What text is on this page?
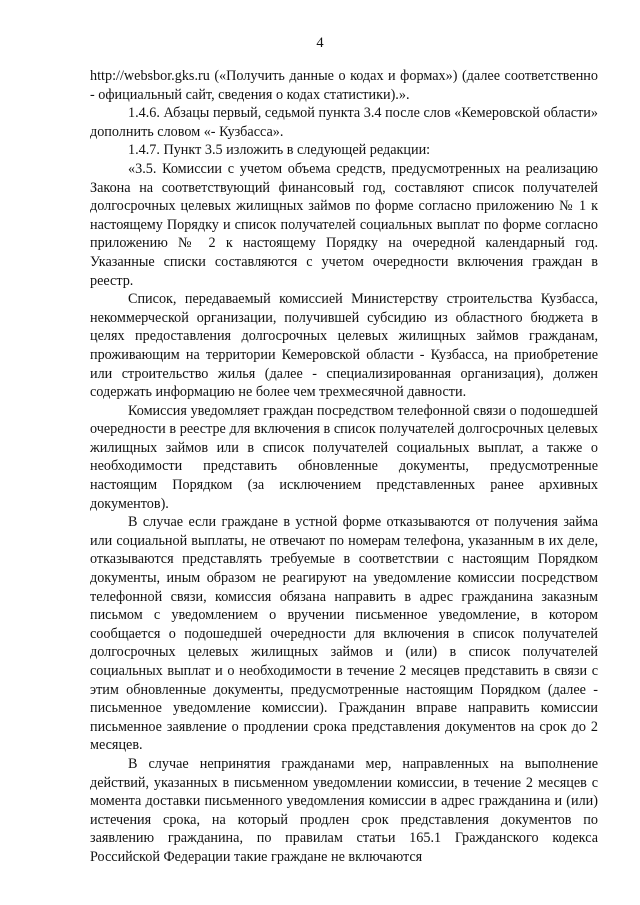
4

http://websbor.gks.ru («Получить данные о кодах и формах») (далее соответственно - официальный сайт, сведения о кодах статистики).».

1.4.6. Абзацы первый, седьмой пункта 3.4 после слов «Кемеровской области» дополнить словом «- Кузбасса».

1.4.7. Пункт 3.5 изложить в следующей редакции:

«3.5. Комиссии с учетом объема средств, предусмотренных на реализацию Закона на соответствующий финансовый год, составляют список получателей долгосрочных целевых жилищных займов по форме согласно приложению № 1 к настоящему Порядку и список получателей социальных выплат по форме согласно приложению № 2 к настоящему Порядку на очередной календарный год. Указанные списки составляются с учетом очередности включения граждан в реестр.

Список, передаваемый комиссией Министерству строительства Кузбасса, некоммерческой организации, получившей субсидию из областного бюджета в целях предоставления долгосрочных целевых жилищных займов гражданам, проживающим на территории Кемеровской области - Кузбасса, на приобретение или строительство жилья (далее - специализированная организация), должен содержать информацию не более чем трехмесячной давности.

Комиссия уведомляет граждан посредством телефонной связи о подошедшей очередности в реестре для включения в список получателей долгосрочных целевых жилищных займов или в список получателей социальных выплат, а также о необходимости представить обновленные документы, предусмотренные настоящим Порядком (за исключением представленных ранее архивных документов).

В случае если граждане в устной форме отказываются от получения займа или социальной выплаты, не отвечают по номерам телефона, указанным в их деле, отказываются представлять требуемые в соответствии с настоящим Порядком документы, иным образом не реагируют на уведомление комиссии посредством телефонной связи, комиссия обязана направить в адрес гражданина заказным письмом с уведомлением о вручении письменное уведомление, в котором сообщается о подошедшей очередности для включения в список получателей долгосрочных целевых жилищных займов и (или) в список получателей социальных выплат и о необходимости в течение 2 месяцев представить в связи с этим обновленные документы, предусмотренные настоящим Порядком (далее - письменное уведомление комиссии). Гражданин вправе направить комиссии письменное заявление о продлении срока представления документов на срок до 2 месяцев.

В случае непринятия гражданами мер, направленных на выполнение действий, указанных в письменном уведомлении комиссии, в течение 2 месяцев с момента доставки письменного уведомления комиссии в адрес гражданина и (или) истечения срока, на который продлен срок представления документов по заявлению гражданина, по правилам статьи 165.1 Гражданского кодекса Российской Федерации такие граждане не включаются
